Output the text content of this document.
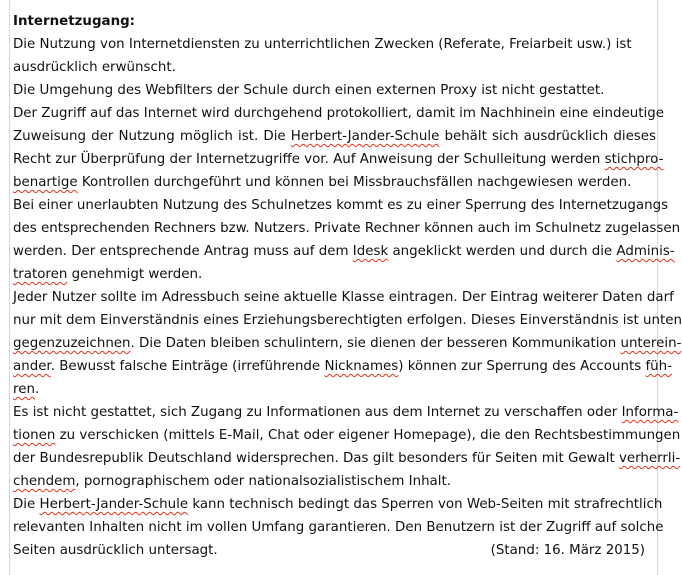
Internetzugang:
Die Nutzung von Internetdiensten zu unterrichtlichen Zwecken (Referate, Freiarbeit usw.) ist
ausdrücklich erwünscht.
Die Umgehung des Webfilters der Schule durch einen externen Proxy ist nicht gestattet.
Der Zugriff auf das Internet wird durchgehend protokolliert, damit im Nachhinein eine eindeutige
Zuweisung der Nutzung möglich ist. Die Herbert-Jander-Schule behält sich ausdrücklich dieses
Recht zur Überprüfung der Internetzugriffe vor. Auf Anweisung der Schulleitung werden stichpro-
benartige Kontrollen durchgeführt und können bei Missbrauchsfällen nachgewiesen werden.
Bei einer unerlaubten Nutzung des Schulnetzes kommt es zu einer Sperrung des Internetzugangs
des entsprechenden Rechners bzw. Nutzers. Private Rechner können auch im Schulnetz zugelassen
werden. Der entsprechende Antrag muss auf dem Idesk angeklickt werden und durch die Adminis-
tratoren genehmigt werden.
Jeder Nutzer sollte im Adressbuch seine aktuelle Klasse eintragen. Der Eintrag weiterer Daten darf
nur mit dem Einverständnis eines Erziehungsberechtigten erfolgen. Dieses Einverständnis ist unten
gegenzuzeichnen. Die Daten bleiben schulintern, sie dienen der besseren Kommunikation unterein-
ander. Bewusst falsche Einträge (irreführende Nicknames) können zur Sperrung des Accounts füh-
ren.
Es ist nicht gestattet, sich Zugang zu Informationen aus dem Internet zu verschaffen oder Informa-
tionen zu verschicken (mittels E-Mail, Chat oder eigener Homepage), die den Rechtsbestimmungen
der Bundesrepublik Deutschland widersprechen. Das gilt besonders für Seiten mit Gewalt verherrli-
chendem, pornographischem oder nationalsozialistischem Inhalt.
Die Herbert-Jander-Schule kann technisch bedingt das Sperren von Web-Seiten mit strafrechtlich
relevanten Inhalten nicht im vollen Umfang garantieren. Den Benutzern ist der Zugriff auf solche
Seiten ausdrücklich untersagt.	(Stand: 16. März 2015)
